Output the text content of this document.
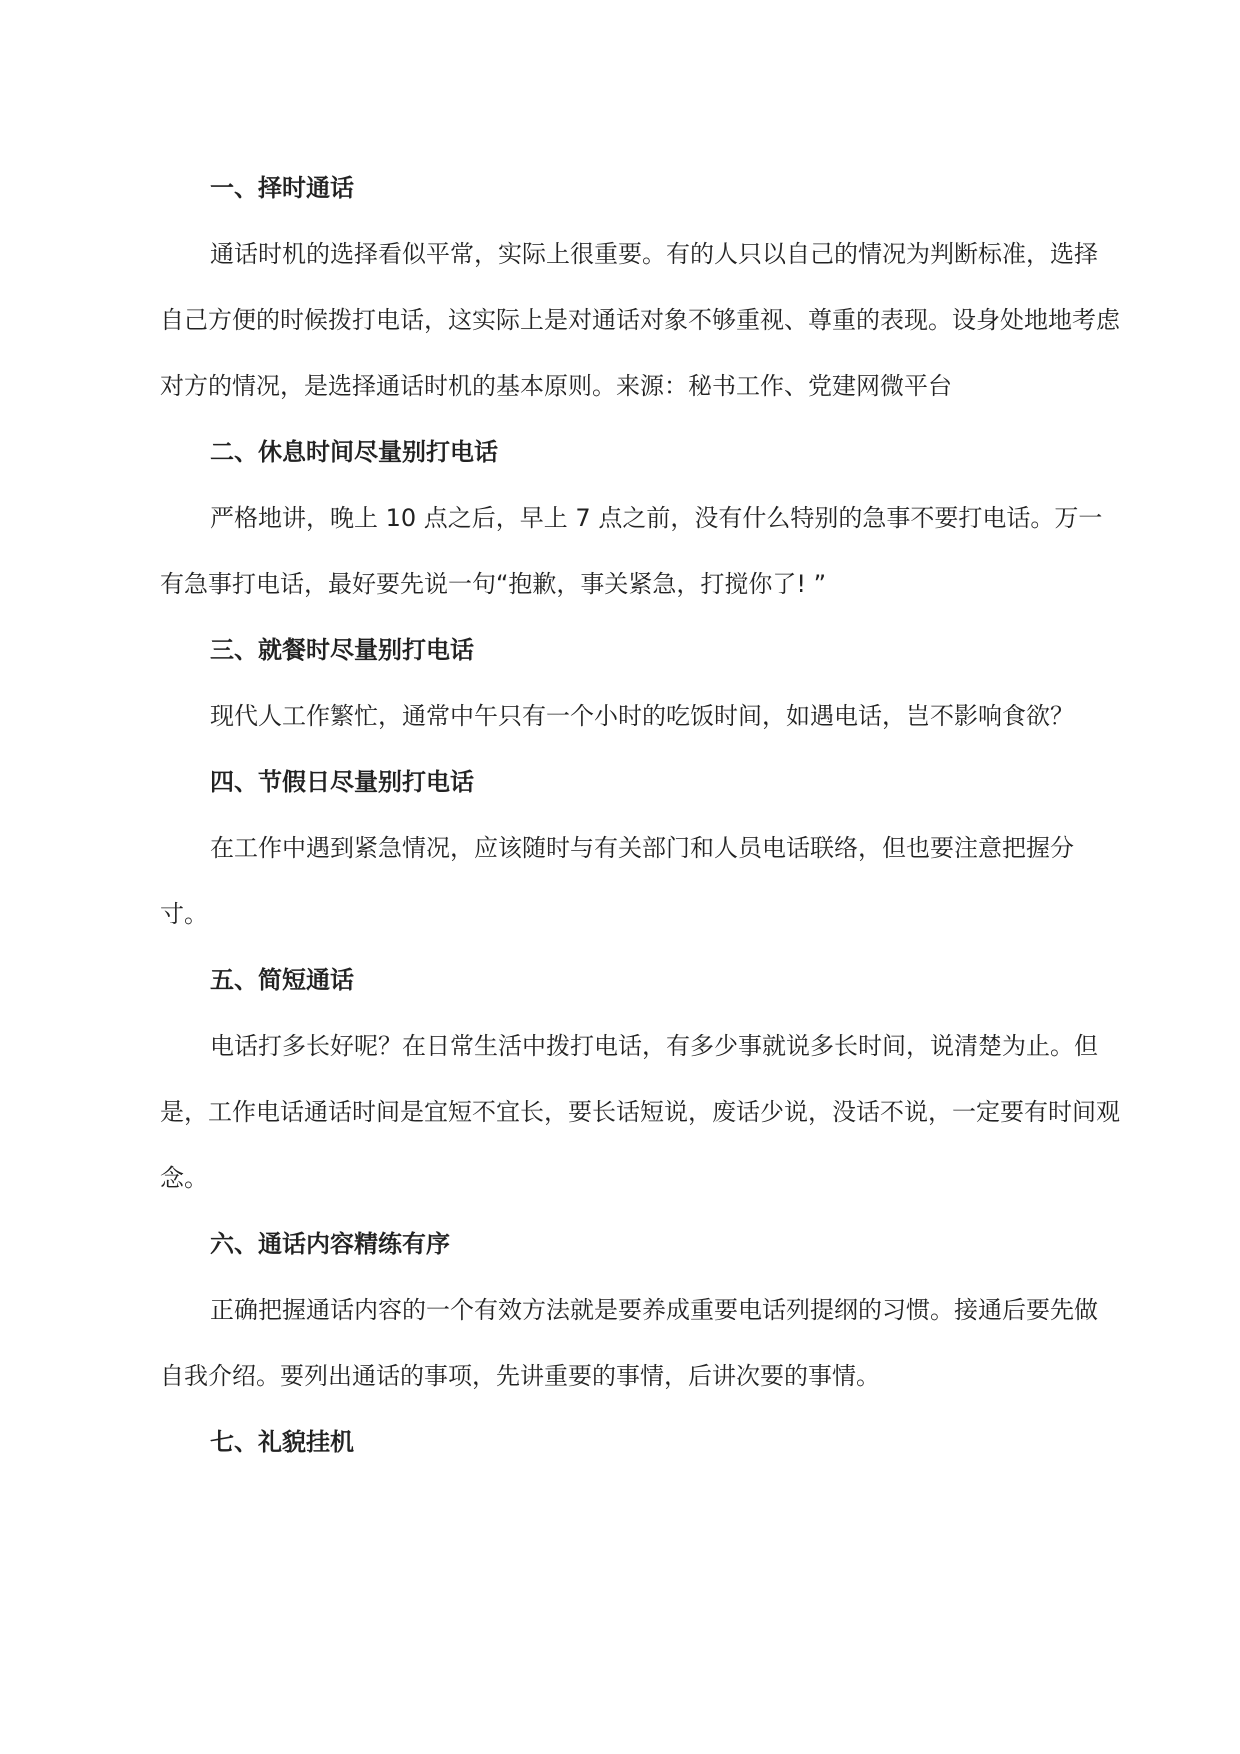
一、择时通话

通话时机的选择看似平常，实际上很重要。有的人只以自己的情况为判断标准，选择自己方便的时候拨打电话，这实际上是对通话对象不够重视、尊重的表现。设身处地地考虑对方的情况，是选择通话时机的基本原则。来源：秘书工作、党建网微平台

二、休息时间尽量别打电话

严格地讲，晚上 10 点之后，早上 7 点之前，没有什么特别的急事不要打电话。万一有急事打电话，最好要先说一句“抱歉，事关紧急，打搅你了! ”

三、就餐时尽量别打电话

现代人工作繁忙，通常中午只有一个小时的吃饭时间，如遇电话，岂不影响食欲？

四、节假日尽量别打电话

在工作中遇到紧急情况，应该随时与有关部门和人员电话联络，但也要注意把握分寸。

五、简短通话

电话打多长好呢？在日常生活中拨打电话，有多少事就说多长时间，说清楚为止。但是，工作电话通话时间是宜短不宜长，要长话短说，废话少说，没话不说，一定要有时间观念。

六、通话内容精练有序

正确把握通话内容的一个有效方法就是要养成重要电话列提纲的习惯。接通后要先做自我介绍。要列出通话的事项，先讲重要的事情，后讲次要的事情。

七、礼貌挂机
